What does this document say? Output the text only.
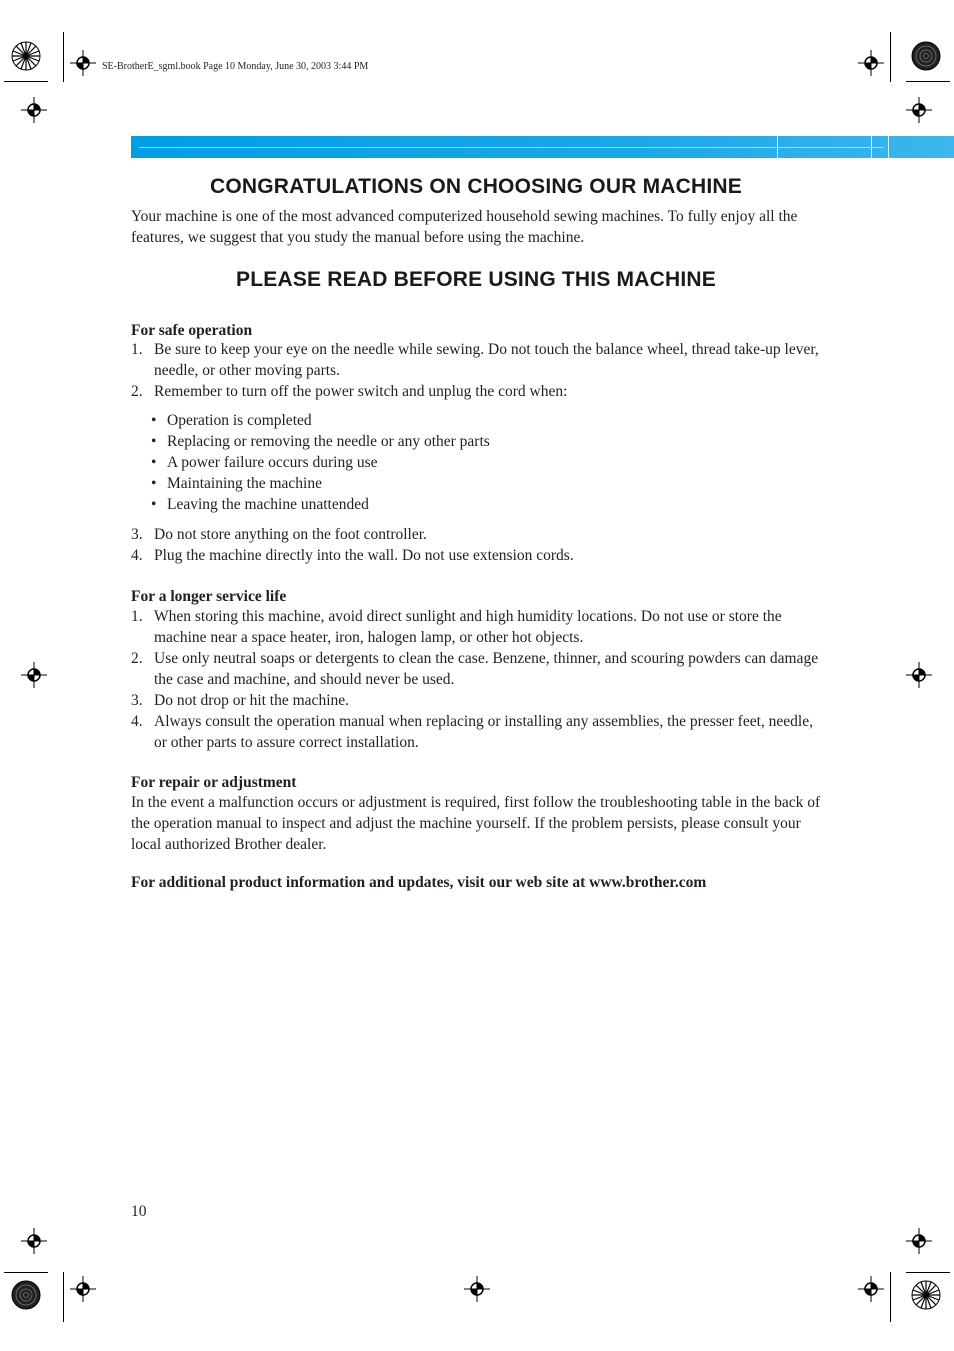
SE-BrotherE_sgml.book Page 10 Monday, June 30, 2003 3:44 PM
CONGRATULATIONS ON CHOOSING OUR MACHINE

Your machine is one of the most advanced computerized household sewing machines. To fully enjoy all the features, we suggest that you study the manual before using the machine.

PLEASE READ BEFORE USING THIS MACHINE
For safe operation
1. Be sure to keep your eye on the needle while sewing. Do not touch the balance wheel, thread take-up lever, needle, or other moving parts.
2. Remember to turn off the power switch and unplug the cord when:
• Operation is completed
• Replacing or removing the needle or any other parts
• A power failure occurs during use
• Maintaining the machine
• Leaving the machine unattended
3. Do not store anything on the foot controller.
4. Plug the machine directly into the wall. Do not use extension cords.
For a longer service life
1. When storing this machine, avoid direct sunlight and high humidity locations. Do not use or store the machine near a space heater, iron, halogen lamp, or other hot objects.
2. Use only neutral soaps or detergents to clean the case. Benzene, thinner, and scouring powders can damage the case and machine, and should never be used.
3. Do not drop or hit the machine.
4. Always consult the operation manual when replacing or installing any assemblies, the presser feet, needle, or other parts to assure correct installation.
For repair or adjustment

In the event a malfunction occurs or adjustment is required, first follow the troubleshooting table in the back of the operation manual to inspect and adjust the machine yourself. If the problem persists, please consult your local authorized Brother dealer.

For additional product information and updates, visit our web site at www.brother.com
10
